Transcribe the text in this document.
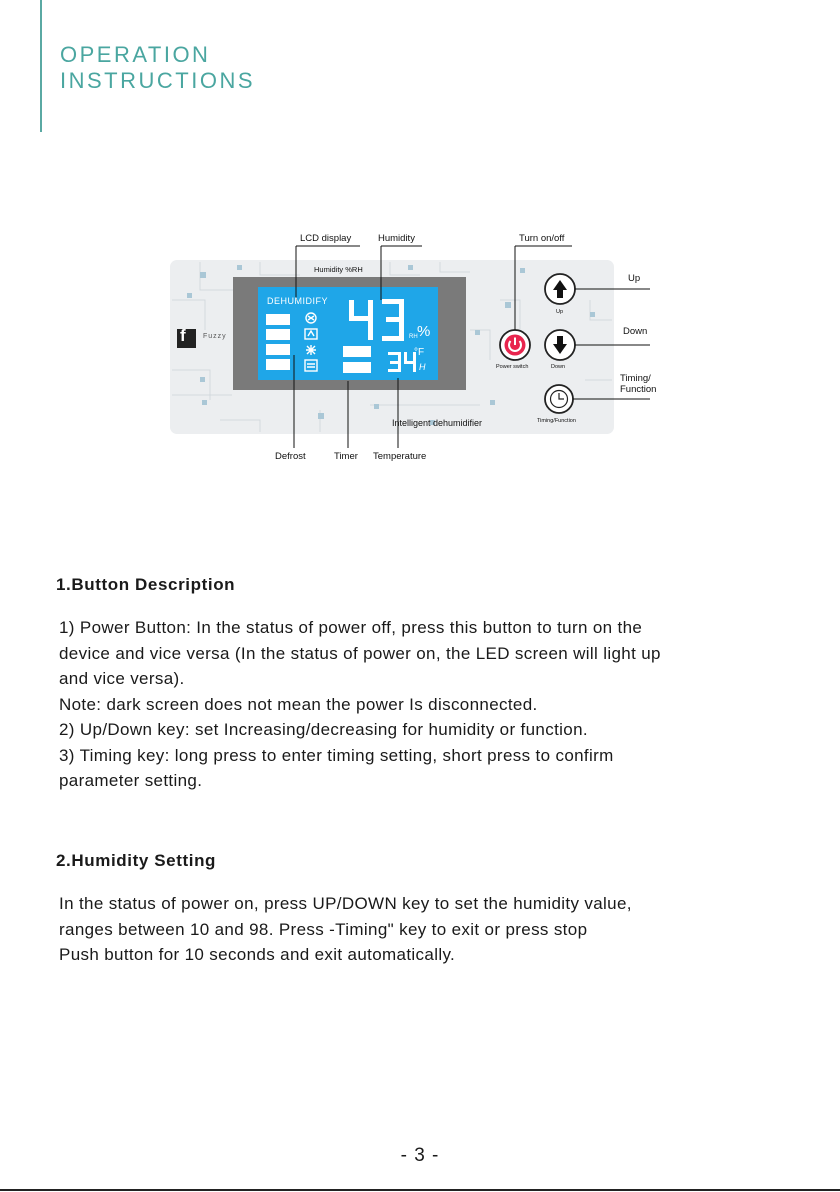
OPERATION
INSTRUCTIONS
LCD display	Humidity	Turn on/off
Up
Down
Timing/
Function
Defrost	Timer Temperature
Humidity %RH
f Fuzzy
Intelligent dehumidifier
Power switch
Up
Down
Timing/Function
DEHUMIDIFY
RH %
°F
H
1.Button Description

1) Power Button: In the status of power off, press this button to turn on the

device and vice versa (In the status of power on, the LED screen will light up

and vice versa).

Note: dark screen does not mean the power Is disconnected.

2) Up/Down key: set Increasing/decreasing for humidity or function.

3) Timing key: long press to enter timing setting, short press to confirm

parameter setting.

2.Humidity Setting

In the status of power on, press UP/DOWN key to set the humidity value,

ranges between 10 and 98. Press -Timing" key to exit or press stop

Push button for 10 seconds and exit automatically.

- 3 -
